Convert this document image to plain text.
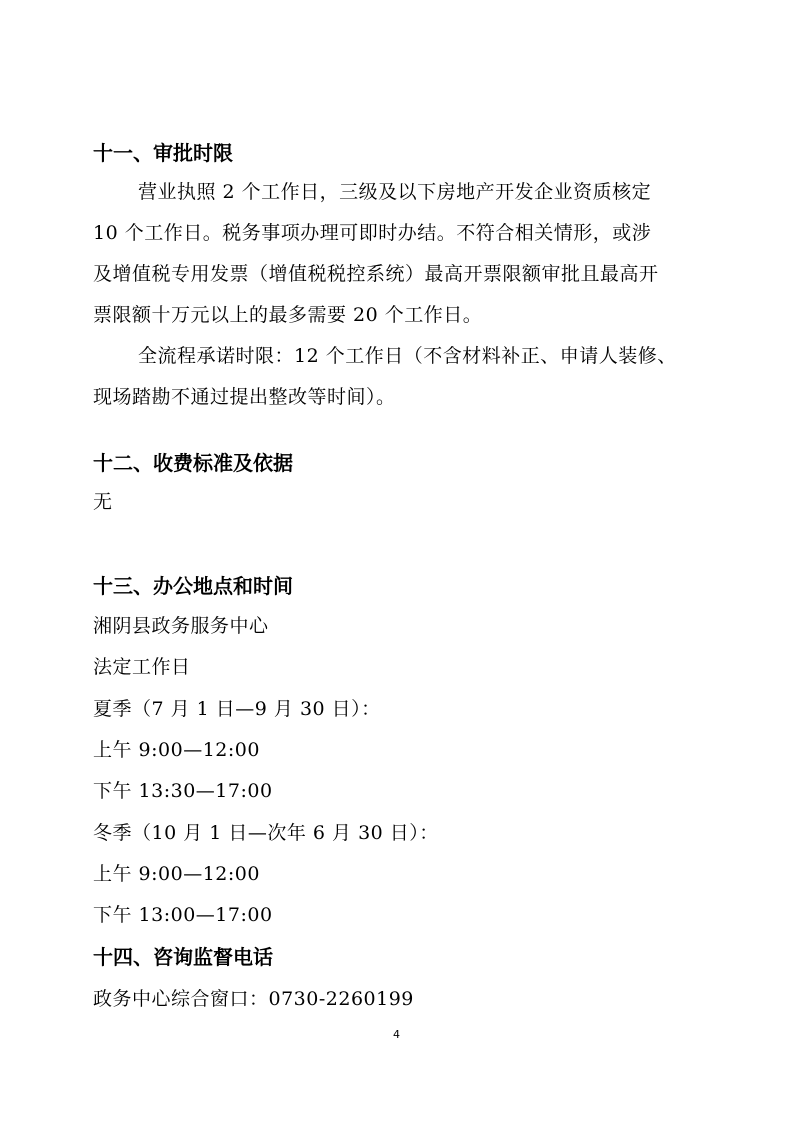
十一、审批时限
营业执照 2 个工作日，三级及以下房地产开发企业资质核定
10 个工作日。税务事项办理可即时办结。不符合相关情形，或涉
及增值税专用发票（增值税税控系统）最高开票限额审批且最高开
票限额十万元以上的最多需要 20 个工作日。
全流程承诺时限：12 个工作日（不含材料补正、申请人装修、
现场踏勘不通过提出整改等时间）。
十二、收费标准及依据
无
十三、办公地点和时间
湘阴县政务服务中心
法定工作日
夏季（7 月 1 日—9 月 30 日）：
上午 9:00—12:00
下午 13:30—17:00
冬季（10 月 1 日—次年 6 月 30 日）：
上午 9:00—12:00
下午 13:00—17:00
十四、咨询监督电话
政务中心综合窗口：0730-2260199
4
